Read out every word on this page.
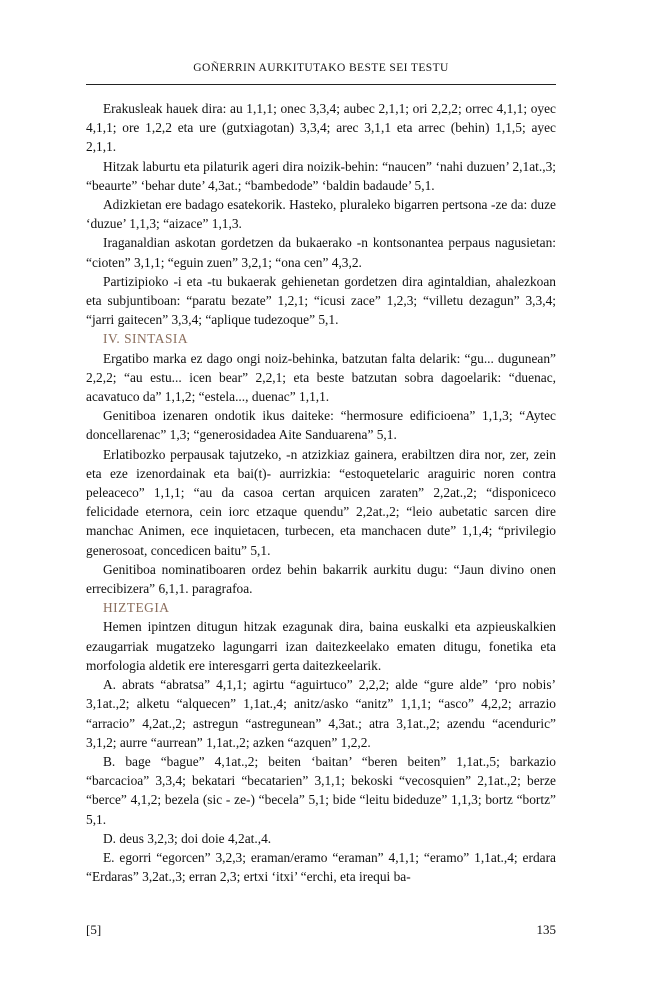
GOÑERRIN AURKITUTAKO BESTE SEI TESTU

Erakusleak hauek dira: au 1,1,1; onec 3,3,4; aubec 2,1,1; ori 2,2,2; orrec 4,1,1; oyec 4,1,1; ore 1,2,2 eta ure (gutxiagotan) 3,3,4; arec 3,1,1 eta arrec (behin) 1,1,5; ayec 2,1,1.

Hitzak laburtu eta pilaturik ageri dira noizik-behin: “naucen” ‘nahi duzuen’ 2,1at.,3; “beaurte” ‘behar dute’ 4,3at.; “bambedode” ‘baldin badaude’ 5,1.

Adizkietan ere badago esatekorik. Hasteko, pluraleko bigarren pertsona -ze da: duze ‘duzue’ 1,1,3; “aizace” 1,1,3.

Iraganaldian askotan gordetzen da bukaerako -n kontsonantea perpaus nagusietan: “cioten” 3,1,1; “eguin zuen” 3,2,1; “ona cen” 4,3,2.

Partizipioko -i eta -tu bukaerak gehienetan gordetzen dira agintaldian, ahalezkoan eta subjuntiboan: “paratu bezate” 1,2,1; “icusi zace” 1,2,3; “villetu dezagun” 3,3,4; “jarri gaitecen” 3,3,4; “aplique tudezoque” 5,1.

IV. SINTASIA

Ergatibo marka ez dago ongi noiz-behinka, batzutan falta delarik: “gu... dugunean” 2,2,2; “au estu... icen bear” 2,2,1; eta beste batzutan sobra dagoelarik: “duenac, acavatuco da” 1,1,2; “estela..., duenac” 1,1,1.

Genitiboa izenaren ondotik ikus daiteke: “hermosure edificioena” 1,1,3; “Aytec doncellarenac” 1,3; “generosidadea Aite Sanduarena” 5,1.

Erlatibozko perpausak tajutzeko, -n atzizkiaz gainera, erabiltzen dira nor, zer, zein eta eze izenordainak eta bai(t)- aurrizkia: “estoquetelaric araguiric noren contra peleaceco” 1,1,1; “au da casoa certan arquicen zaraten” 2,2at.,2; “disponiceco felicidade eternora, cein iorc etzaque quendu” 2,2at.,2; “leio aubetatic sarcen dire manchac Animen, ece inquietacen, turbecen, eta manchacen dute” 1,1,4; “privilegio generosoat, concedicen baitu” 5,1.

Genitiboa nominatiboaren ordez behin bakarrik aurkitu dugu: “Jaun divino onen errecibizera” 6,1,1. paragrafoa.

HIZTEGIA

Hemen ipintzen ditugun hitzak ezagunak dira, baina euskalki eta azpieuskalkien ezaugarriak mugatzeko lagungarri izan daitezkeelako ematen ditugu, fonetika eta morfologia aldetik ere interesgarri gerta daitezkeelarik.

A. abrats “abratsa” 4,1,1; agirtu “aguirtuco” 2,2,2; alde “gure alde” ‘pro nobis’ 3,1at.,2; alketu “alquecen” 1,1at.,4; anitz/asko “anitz” 1,1,1; “asco” 4,2,2; arrazio “arracio” 4,2at.,2; astregun “astregunean” 4,3at.; atra 3,1at.,2; azendu “acenduric” 3,1,2; aurre “aurrean” 1,1at.,2; azken “azquen” 1,2,2.

B. bage “bague” 4,1at.,2; beiten ‘baitan’ “beren beiten” 1,1at.,5; barkazio “barcacioa” 3,3,4; bekatari “becatarien” 3,1,1; bekoski “vecosquien” 2,1at.,2; berze “berce” 4,1,2; bezela (sic - ze-) “becela” 5,1; bide “leitu bideduze” 1,1,3; bortz “bortz” 5,1.

D. deus 3,2,3; doi doie 4,2at.,4.

E. egorri “egorcen” 3,2,3; eraman/eramo “eraman” 4,1,1; “eramo” 1,1at.,4; erdara “Erdaras” 3,2at.,3; erran 2,3; ertxi ‘itxi’ “erchi, eta irequi ba-

[5]	135
